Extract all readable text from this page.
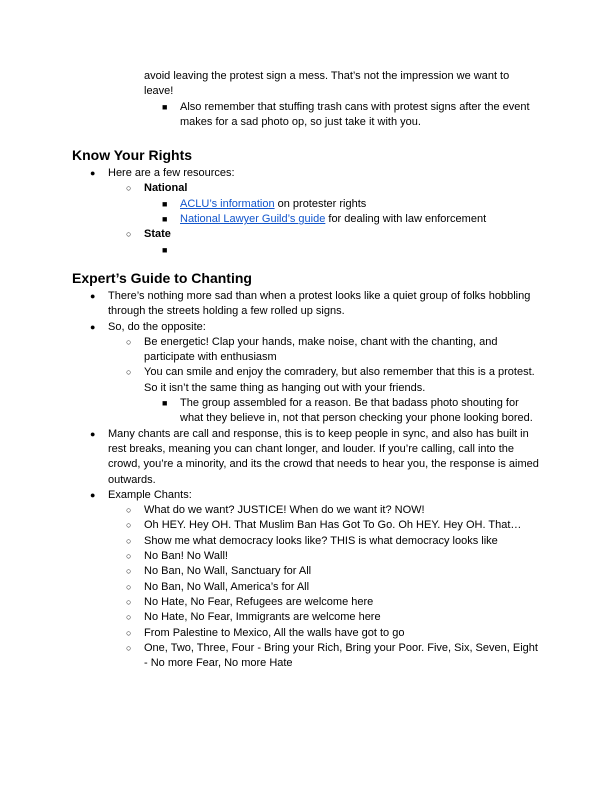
avoid leaving the protest sign a mess. That’s not the impression we want to leave!
■	Also remember that stuffing trash cans with protest signs after the event makes for a sad photo op, so just take it with you.
Know Your Rights
●	Here are a few resources:
○	National
■	ACLU’s information on protester rights
■	National Lawyer Guild’s guide for dealing with law enforcement
○	State
■
Expert’s Guide to Chanting
●	There’s nothing more sad than when a protest looks like a quiet group of folks hobbling through the streets holding a few rolled up signs.
●	So, do the opposite:
○	Be energetic! Clap your hands, make noise, chant with the chanting, and participate with enthusiasm
○	You can smile and enjoy the comradery, but also remember that this is a protest. So it isn’t the same thing as hanging out with your friends.
■	The group assembled for a reason. Be that badass photo shouting for what they believe in, not that person checking your phone looking bored.
●	Many chants are call and response, this is to keep people in sync, and also has built in rest breaks, meaning you can chant longer, and louder. If you’re calling, call into the crowd, you’re a minority, and its the crowd that needs to hear you, the response is aimed outwards.
●	Example Chants:
○	What do we want? JUSTICE! When do we want it? NOW!
○	Oh HEY. Hey OH. That Muslim Ban Has Got To Go. Oh HEY. Hey OH. That…
○	Show me what democracy looks like? THIS is what democracy looks like
○	No Ban! No Wall!
○	No Ban, No Wall, Sanctuary for All
○	No Ban, No Wall, America’s for All
○	No Hate, No Fear, Refugees are welcome here
○	No Hate, No Fear, Immigrants are welcome here
○	From Palestine to Mexico, All the walls have got to go
○	One, Two, Three, Four - Bring your Rich, Bring your Poor. Five, Six, Seven, Eight - No more Fear, No more Hate
